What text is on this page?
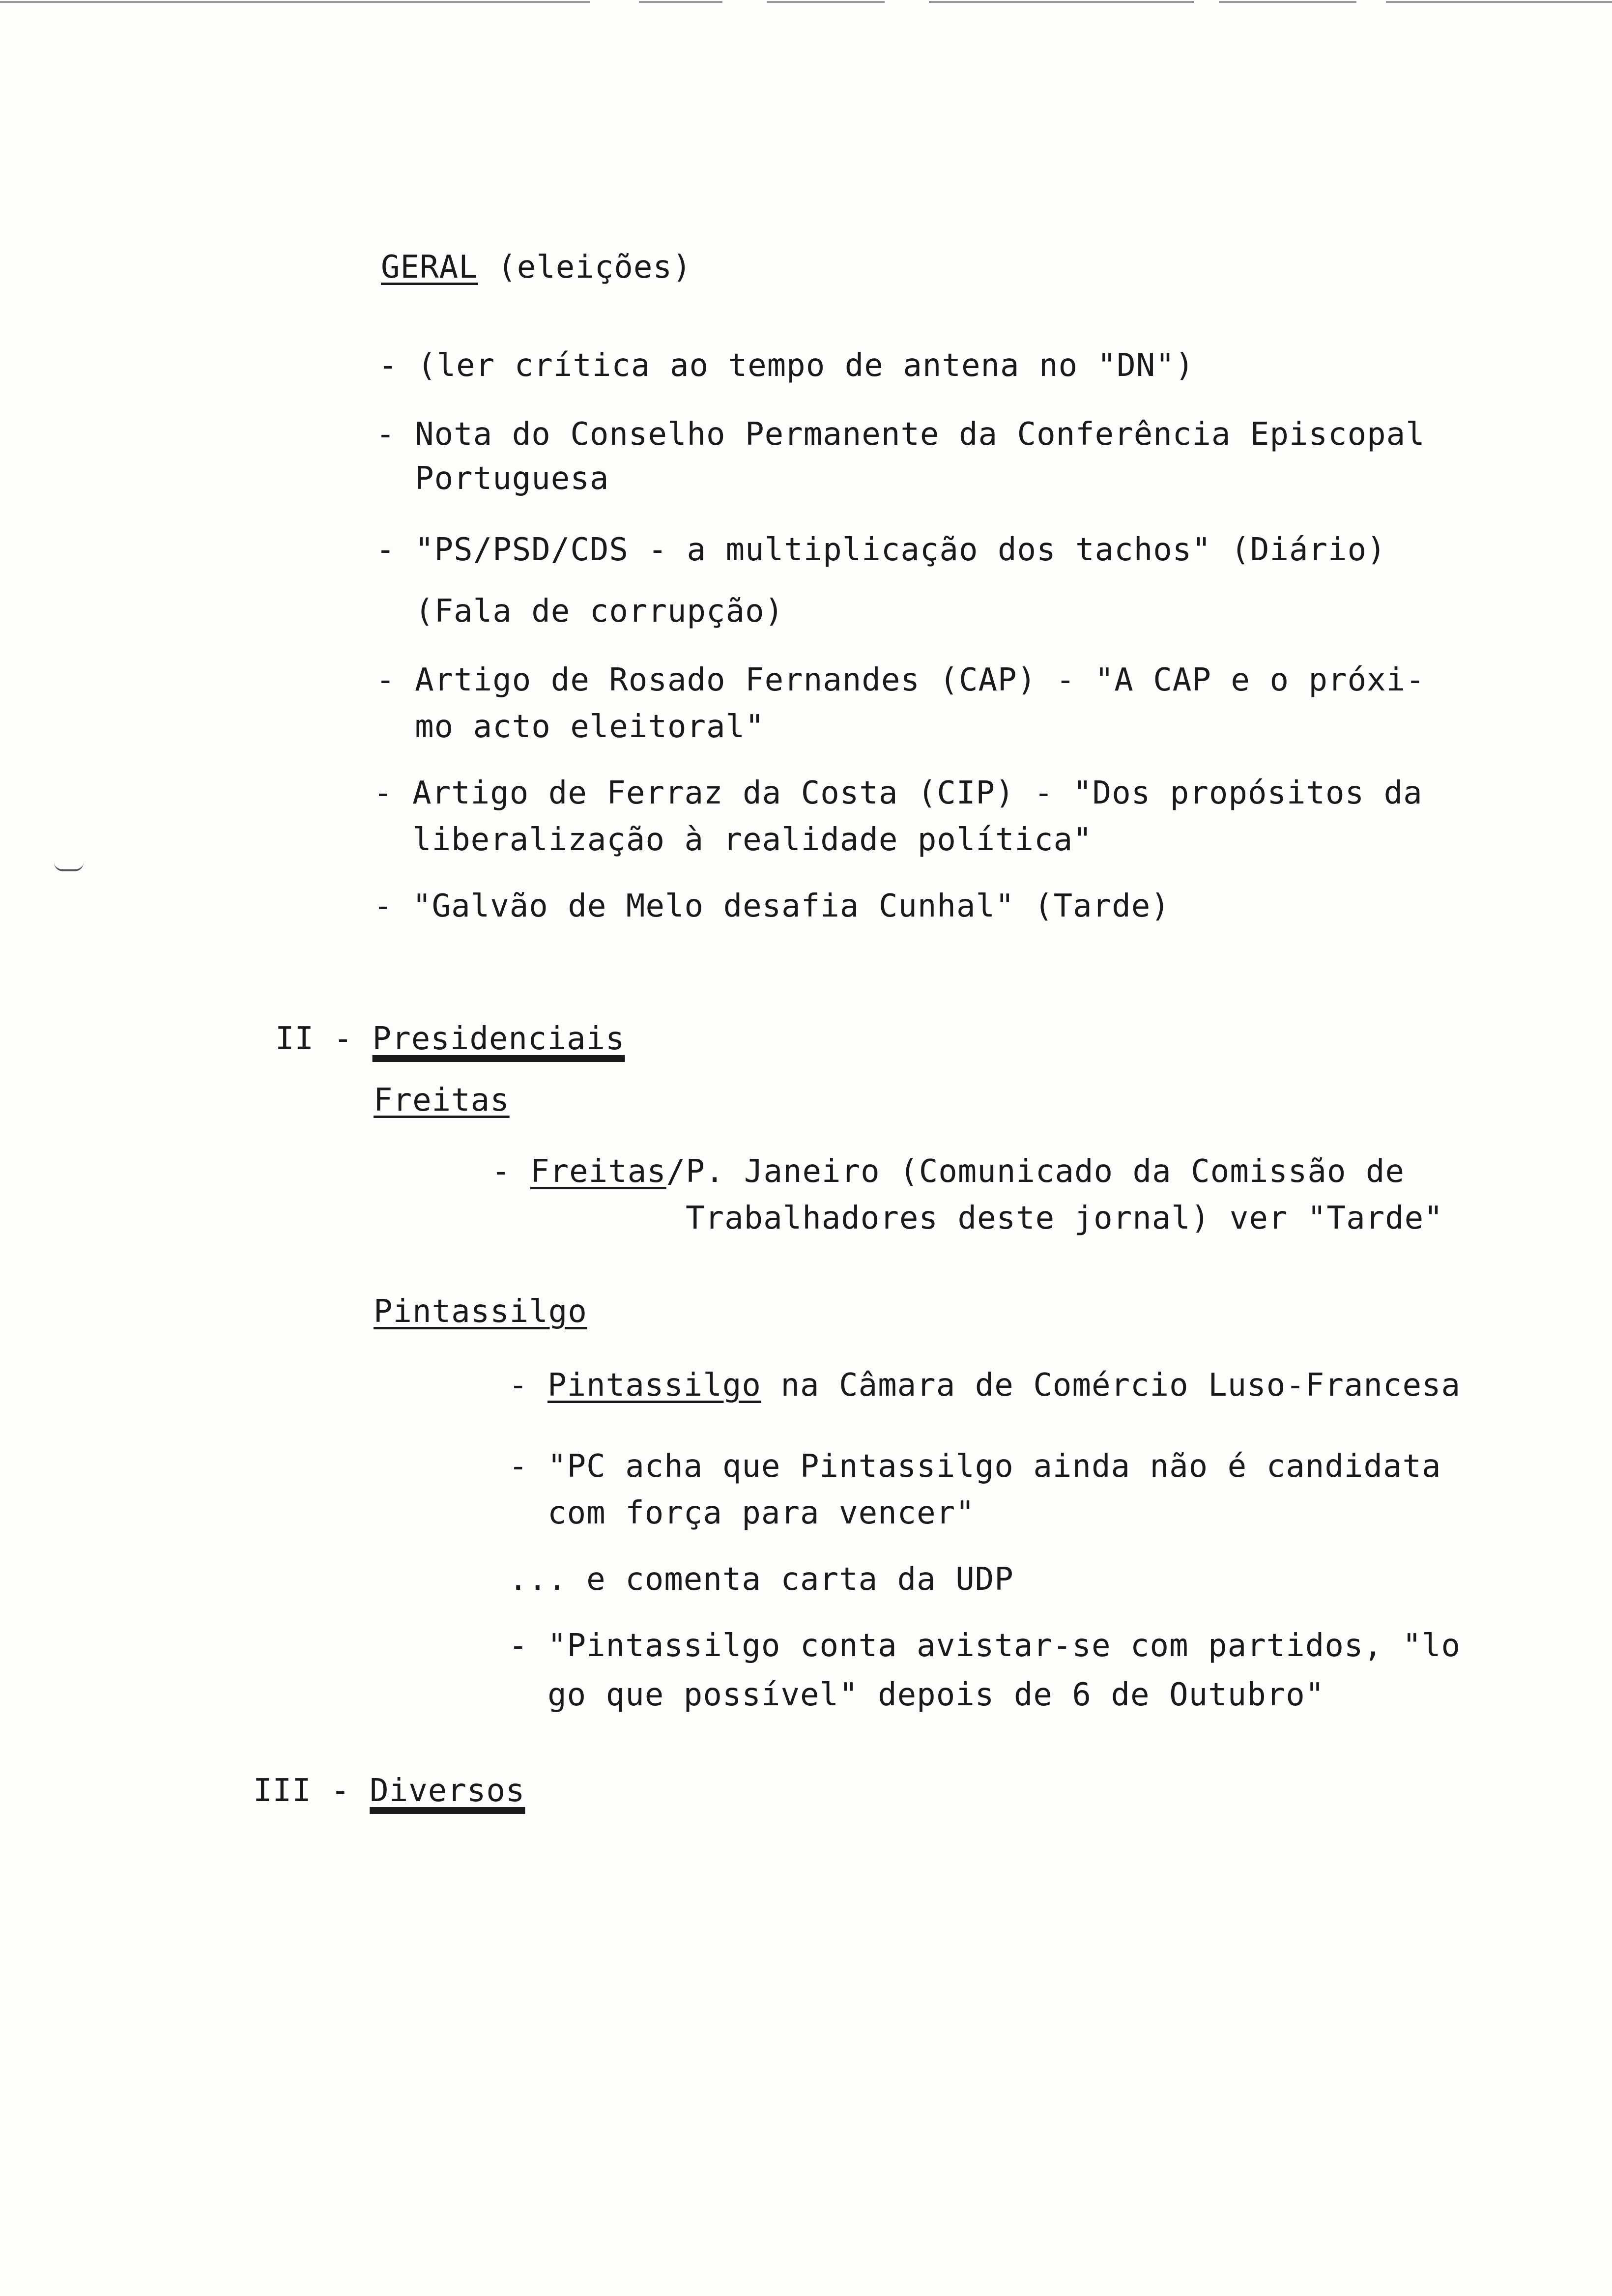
GERAL (eleições)
- (ler crítica ao tempo de antena no "DN")
- Nota do Conselho Permanente da Conferência Episcopal
Portuguesa
- "PS/PSD/CDS - a multiplicação dos tachos" (Diário)
(Fala de corrupção)
- Artigo de Rosado Fernandes (CAP) - "A CAP e o próxi-
mo acto eleitoral"
- Artigo de Ferraz da Costa (CIP) - "Dos propósitos da
liberalização à realidade política"
- "Galvão de Melo desafia Cunhal" (Tarde)
II - Presidenciais
Freitas
- Freitas/P. Janeiro (Comunicado da Comissão de
Trabalhadores deste jornal) ver "Tarde"
Pintassilgo
- Pintassilgo na Câmara de Comércio Luso-Francesa
- "PC acha que Pintassilgo ainda não é candidata
com força para vencer"
... e comenta carta da UDP
- "Pintassilgo conta avistar-se com partidos, "lo
go que possível" depois de 6 de Outubro"
III - Diversos
